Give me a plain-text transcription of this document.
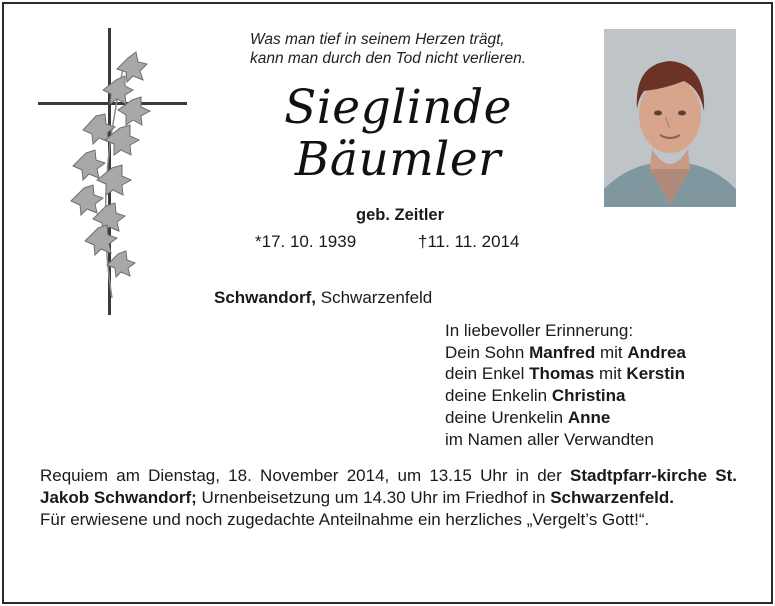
Was man tief in seinem Herzen trägt,
kann man durch den Tod nicht verlieren.
Sieglinde
Bäumler
geb. Zeitler
*17. 10. 1939	†11. 11. 2014
Schwandorf, Schwarzenfeld
In liebevoller Erinnerung:
Dein Sohn Manfred mit Andrea
dein Enkel Thomas mit Kerstin
deine Enkelin Christina
deine Urenkelin Anne
im Namen aller Verwandten
Requiem am Dienstag, 18. November 2014, um 13.15 Uhr in der Stadtpfarr-kirche St. Jakob Schwandorf; Urnenbeisetzung um 14.30 Uhr im Friedhof in Schwarzenfeld.
Für erwiesene und noch zugedachte Anteilnahme ein herzliches „Vergelt’s Gott!“.
